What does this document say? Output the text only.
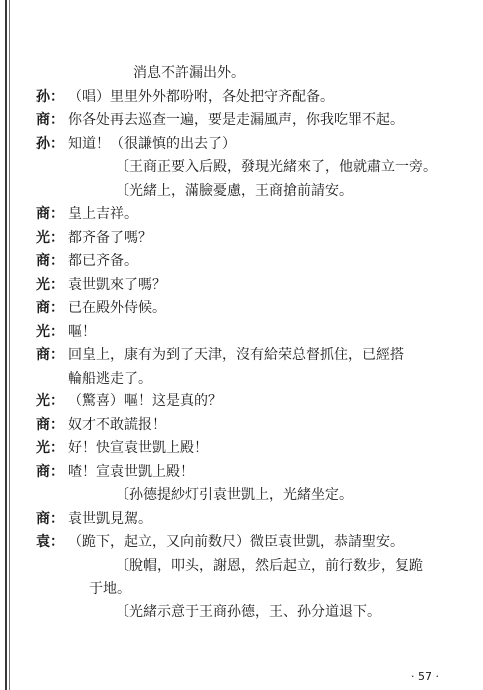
消息不許漏出外。
孙： （唱）里里外外都吩咐，各处把守齐配备。
商： 你各处再去巡查一遍，要是走漏風声，你我吃罪不起。
孙： 知道！（很謙慎的出去了）
〔王商正要入后殿，發現光緒來了，他就肅立一旁。
〔光緒上，滿臉憂慮，王商搶前請安。
商： 皇上吉祥。
光： 都齐备了嗎？
商： 都已齐备。
光： 袁世凱來了嗎？
商： 已在殿外侍候。
光： 嘔！
商： 回皇上，康有为到了天津，沒有給荣总督抓住，已經搭
輪船逃走了。
光： （驚喜）嘔！这是真的？
商： 奴才不敢謊报！
光： 好！快宣袁世凱上殿！
商： 喳！宣袁世凱上殿！
〔孙德提紗灯引袁世凱上，光緒坐定。
商： 袁世凱見駕。
袁： （跪下，起立，又向前数尺）微臣袁世凱，恭請聖安。
〔脫帽，叩头，謝恩，然后起立，前行数步，复跪
于地。
〔光緒示意于王商孙德，王、孙分道退下。
· 57 ·
